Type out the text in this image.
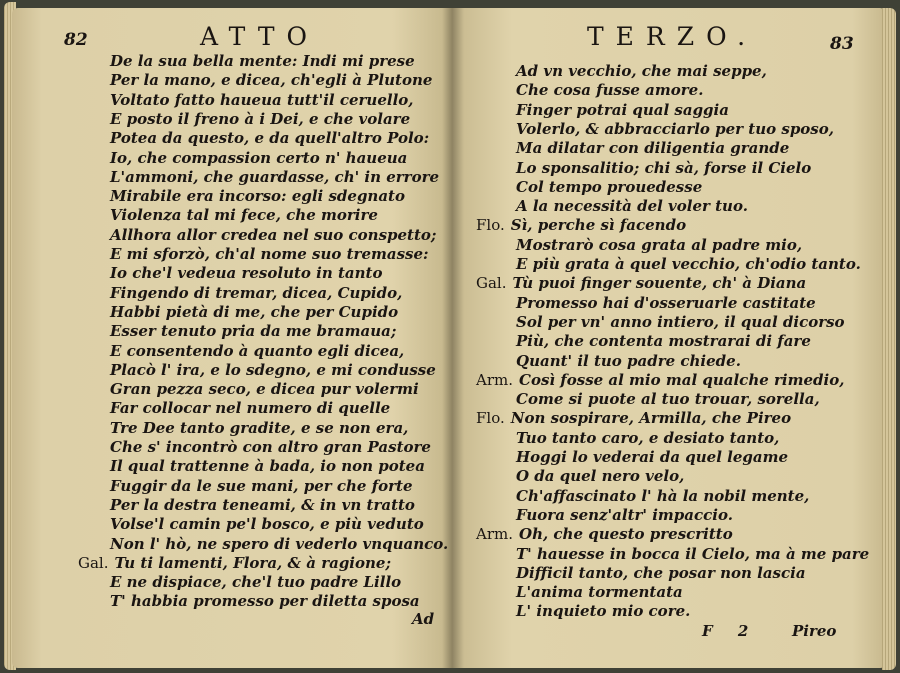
82	ATTO
De la sua bella mente: Indi mi prese
Per la mano, e dicea, ch'egli à Plutone
Voltato fatto haueua tutt'il ceruello,
E posto il freno à i Dei, e che volare
Potea da questo, e da quell'altro Polo:
Io, che compassion certo n' haueua
L'ammoni, che guardasse, ch' in errore
Mirabile era incorso: egli sdegnato
Violenza tal mi fece, che morire
Allhora allor credea nel suo conspetto;
E mi sforzò, ch'al nome suo tremasse:
Io che'l vedeua resoluto in tanto
Fingendo di tremar, dicea, Cupido,
Habbi pietà di me, che per Cupido
Esser tenuto pria da me bramaua;
E consentendo à quanto egli dicea,
Placò l' ira, e lo sdegno, e mi condusse
Gran pezza seco, e dicea pur volermi
Far collocar nel numero di quelle
Tre Dee tanto gradite, e se non era,
Che s' incontrò con altro gran Pastore
Il qual trattenne à bada, io non potea
Fuggir da le sue mani, per che forte
Per la destra teneami, & in vn tratto
Volse'l camin pe'l bosco, e più veduto
Non l' hò, ne spero di vederlo vnquanco.
Gal. Tu ti lamenti, Flora, & à ragione;
E ne dispiace, che'l tuo padre Lillo
T' habbia promesso per diletta sposa
Ad
TERZO.	83
Ad vn vecchio, che mai seppe,
Che cosa fusse amore.
Finger potrai qual saggia
Volerlo, & abbracciarlo per tuo sposo,
Ma dilatar con diligentia grande
Lo sponsalitio; chi sà, forse il Cielo
Col tempo prouedesse
A la necessità del voler tuo.
Flo. Sì, perche sì facendo
Mostrarò cosa grata al padre mio,
E più grata à quel vecchio, ch'odio tanto.
Gal. Tù puoi finger souente, ch' à Diana
Promesso hai d'osseruarle castitate
Sol per vn' anno intiero, il qual dicorso
Più, che contenta mostrarai di fare
Quant' il tuo padre chiede.
Arm. Così fosse al mio mal qualche rimedio,
Come si puote al tuo trouar, sorella,
Flo. Non sospirare, Armilla, che Pireo
Tuo tanto caro, e desiato tanto,
Hoggi lo vederai da quel legame
O da quel nero velo,
Ch'affascinato l' hà la nobil mente,
Fuora senz'altr' impaccio.
Arm. Oh, che questo prescritto
T' hauesse in bocca il Cielo, ma à me pare
Difficil tanto, che posar non lascia
L'anima tormentata
L' inquieto mio core.
F 2 Pireo
